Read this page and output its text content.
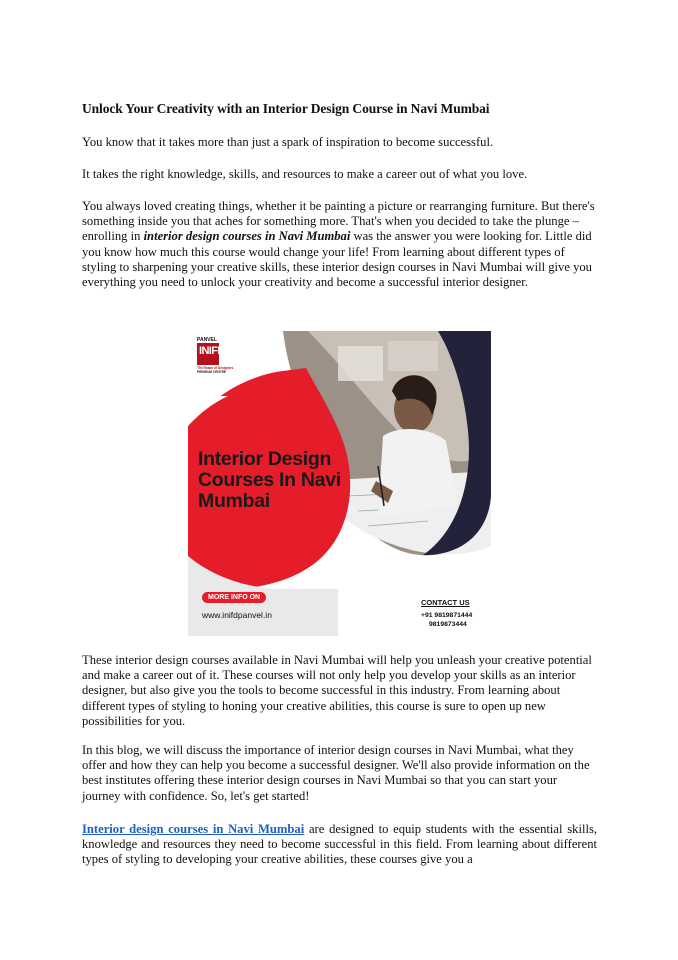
Unlock Your Creativity with an Interior Design Course in Navi Mumbai

You know that it takes more than just a spark of inspiration to become successful.

It takes the right knowledge, skills, and resources to make a career out of what you love.

You always loved creating things, whether it be painting a picture or rearranging furniture. But there's something inside you that aches for something more. That's when you decided to take the plunge – enrolling in interior design courses in Navi Mumbai was the answer you were looking for. Little did you know how much this course would change your life! From learning about different types of styling to sharpening your creative skills, these interior design courses in Navi Mumbai will give you everything you need to unlock your creativity and become a successful interior designer.

PANVEL
INIFD
The Realm of Designers
PREMIUM CENTRE
Interior Design Courses In Navi Mumbai
MORE INFO ON
www.inifdpanvel.in
CONTACT US
+91 9819871444
9819873444

These interior design courses available in Navi Mumbai will help you unleash your creative potential and make a career out of it. These courses will not only help you develop your skills as an interior designer, but also give you the tools to become successful in this industry. From learning about different types of styling to honing your creative abilities, this course is sure to open up new possibilities for you.

In this blog, we will discuss the importance of interior design courses in Navi Mumbai, what they offer and how they can help you become a successful designer. We'll also provide information on the best institutes offering these interior design courses in Navi Mumbai so that you can start your journey with confidence. So, let's get started!

Interior design courses in Navi Mumbai are designed to equip students with the essential skills, knowledge and resources they need to become successful in this field. From learning about different types of styling to developing your creative abilities, these courses give you a
